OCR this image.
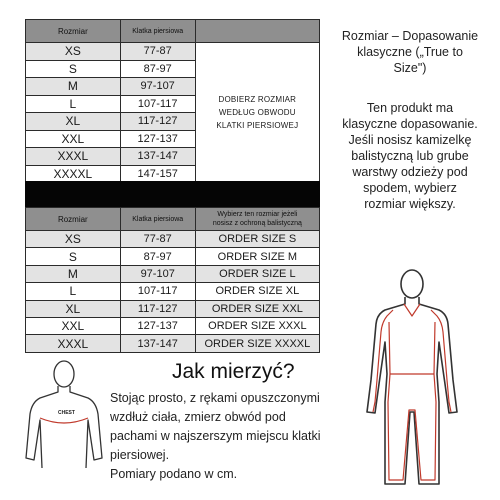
Rozmiar	Klatka piersiowa	
XS	77-87	DOBIERZ ROZMIAR
WEDŁUG OBWODU
KLATKI PIERSIOWEJ

S	87-97	
M	97-107	
L	107-117	
XL	117-127	
XXL	127-137	
XXXL	137-147	
XXXXL	147-157	
Rozmiar	Klatka piersiowa	Wybierz ten rozmiar jeżeli
nosisz z ochroną balistyczną

XS	77-87	ORDER SIZE S
S	87-97	ORDER SIZE M
M	97-107	ORDER SIZE L
L	107-117	ORDER SIZE XL
XL	117-127	ORDER SIZE XXL
XXL	127-137	ORDER SIZE XXXL
XXXL	137-147	ORDER SIZE XXXXL
Rozmiar – Dopasowanie
klasyczne („True to
Size")
Ten produkt ma
klasyczne dopasowanie.
Jeśli nosisz kamizelkę
balistyczną lub grube
warstwy odzieży pod
spodem, wybierz
rozmiar większy.
Jak mierzyć?
Stojąc prosto, z rękami opuszczonymi
wzdłuż ciała, zmierz obwód pod
pachami w najszerszym miejscu klatki
piersiowej.
Pomiary podano w cm.
CHEST
